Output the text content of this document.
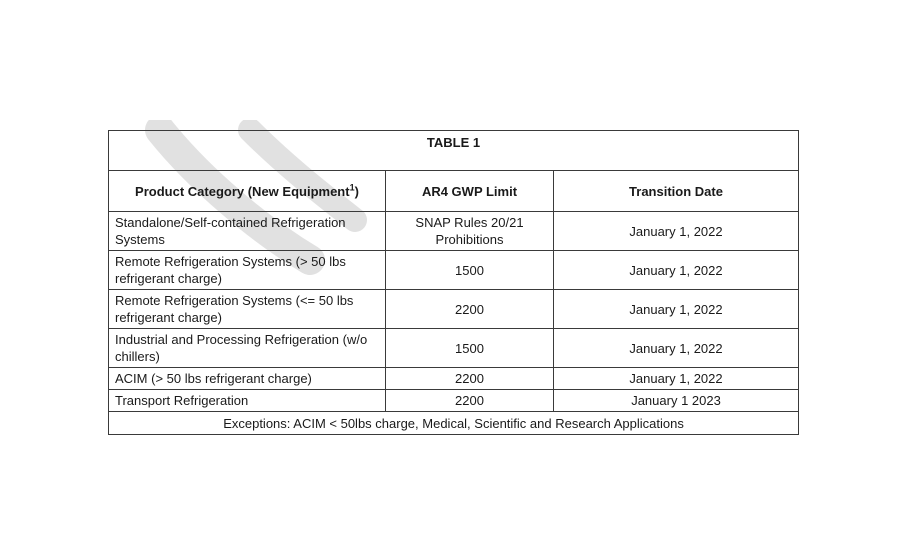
TABLE 1		
Product Category (New Equipment$^1$)	AR4 GWP Limit	Transition Date
Standalone/Self-contained Refrigeration Systems	SNAP Rules 20/21 Prohibitions	January 1, 2022
Remote Refrigeration Systems (> 50 lbs refrigerant charge)	1500	January 1, 2022
Remote Refrigeration Systems (<= 50 lbs refrigerant charge)	2200	January 1, 2022
Industrial and Processing Refrigeration (w/o chillers)	1500	January 1, 2022
ACIM (> 50 lbs refrigerant charge)	2200	January 1, 2022
Transport Refrigeration	2200	January 1 2023
Exceptions: ACIM < 50lbs charge, Medical, Scientific and Research Applications		
